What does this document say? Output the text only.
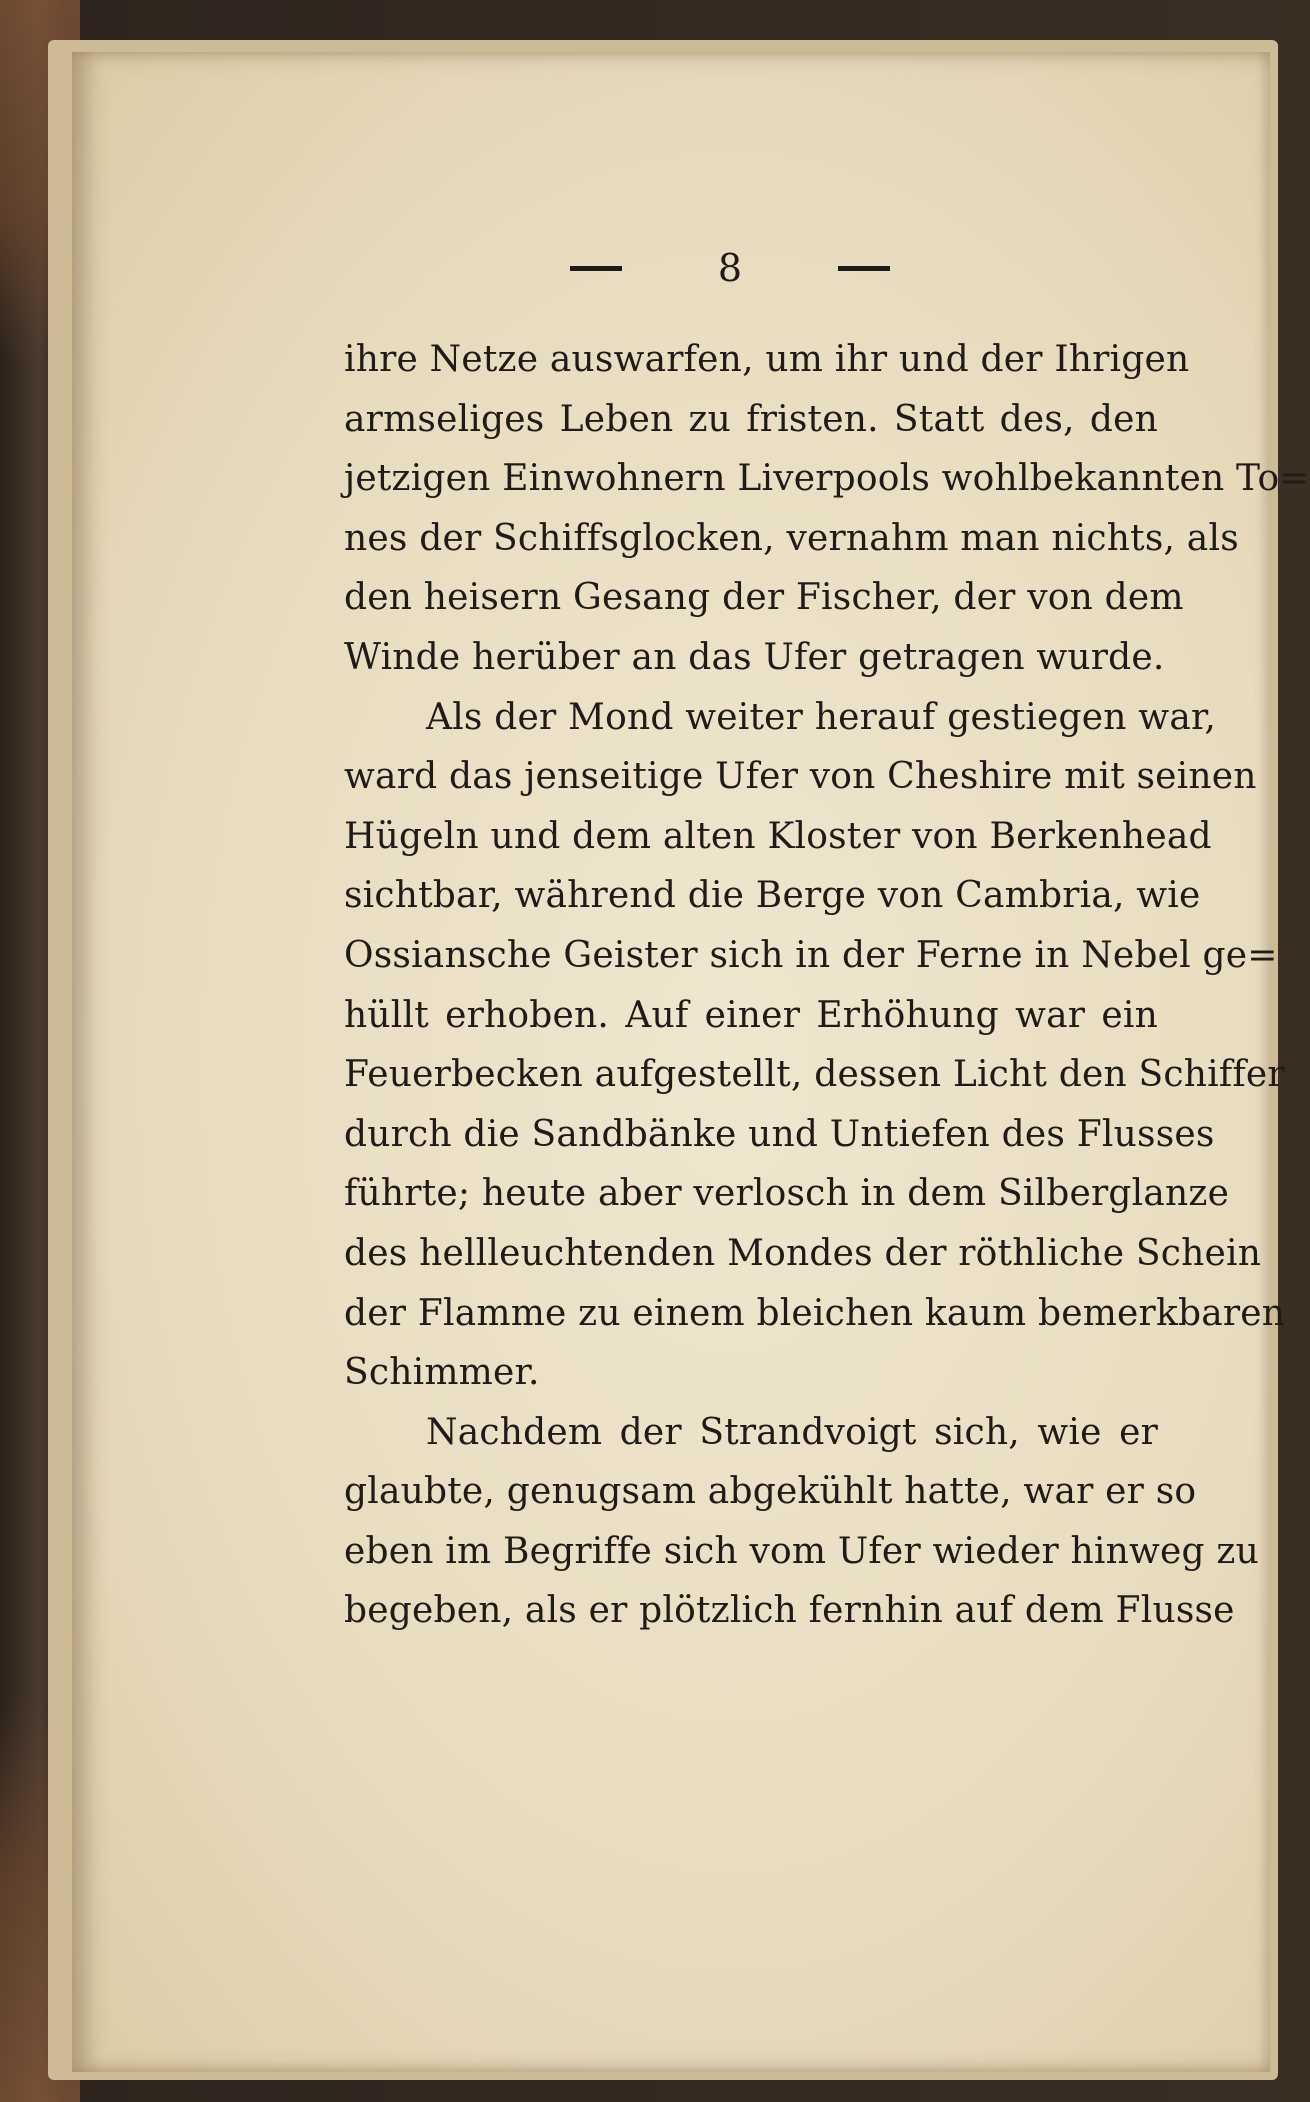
8
ihre Netze auswarfen, um ihr und der Ihrigen
armseliges Leben zu fristen. Statt des, den
jetzigen Einwohnern Liverpools wohlbekannten To=
nes der Schiffsglocken, vernahm man nichts, als
den heisern Gesang der Fischer, der von dem
Winde herüber an das Ufer getragen wurde.
Als der Mond weiter herauf gestiegen war,
ward das jenseitige Ufer von Cheshire mit seinen
Hügeln und dem alten Kloster von Berkenhead
sichtbar, während die Berge von Cambria, wie
Ossiansche Geister sich in der Ferne in Nebel ge=
hüllt erhoben. Auf einer Erhöhung war ein
Feuerbecken aufgestellt, dessen Licht den Schiffer
durch die Sandbänke und Untiefen des Flusses
führte; heute aber verlosch in dem Silberglanze
des hellleuchtenden Mondes der röthliche Schein
der Flamme zu einem bleichen kaum bemerkbaren
Schimmer.
Nachdem der Strandvoigt sich, wie er
glaubte, genugsam abgekühlt hatte, war er so
eben im Begriffe sich vom Ufer wieder hinweg zu
begeben, als er plötzlich fernhin auf dem Flusse
